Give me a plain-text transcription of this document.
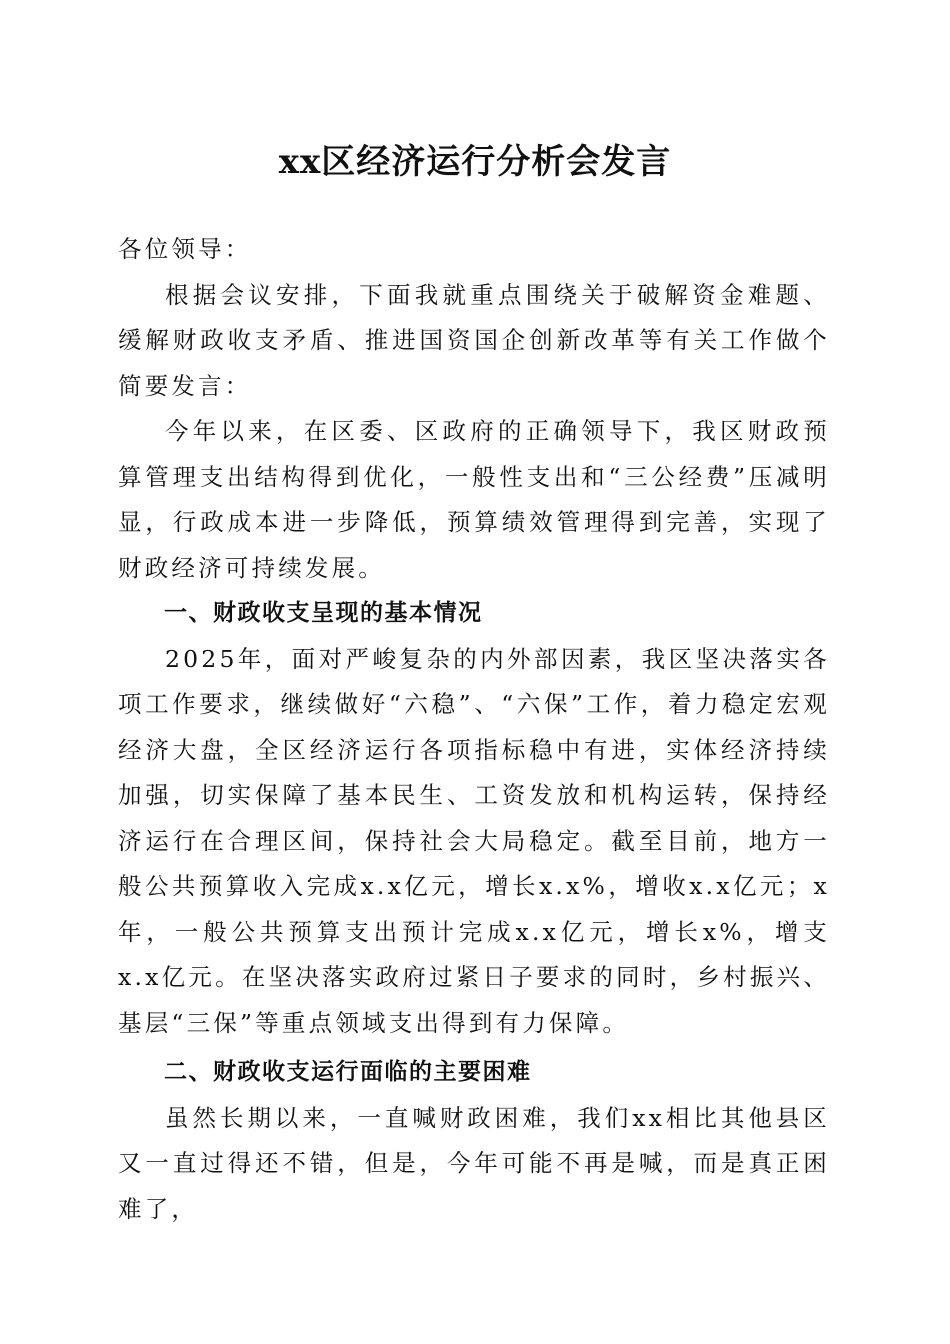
xx区经济运行分析会发言

各位领导：

根据会议安排，下面我就重点围绕关于破解资金难题、缓解财政收支矛盾、推进国资国企创新改革等有关工作做个简要发言：

今年以来，在区委、区政府的正确领导下，我区财政预算管理支出结构得到优化，一般性支出和“三公经费”压减明显，行政成本进一步降低，预算绩效管理得到完善，实现了财政经济可持续发展。

一、财政收支呈现的基本情况

2025年，面对严峻复杂的内外部因素，我区坚决落实各项工作要求，继续做好“六稳”、“六保”工作，着力稳定宏观经济大盘，全区经济运行各项指标稳中有进，实体经济持续加强，切实保障了基本民生、工资发放和机构运转，保持经济运行在合理区间，保持社会大局稳定。截至目前，地方一般公共预算收入完成x.x亿元，增长x.x%，增收x.x亿元；x年，一般公共预算支出预计完成x.x亿元，增长x%，增支x.x亿元。在坚决落实政府过紧日子要求的同时，乡村振兴、基层“三保”等重点领域支出得到有力保障。

二、财政收支运行面临的主要困难

虽然长期以来，一直喊财政困难，我们xx相比其他县区又一直过得还不错，但是，今年可能不再是喊，而是真正困难了，
